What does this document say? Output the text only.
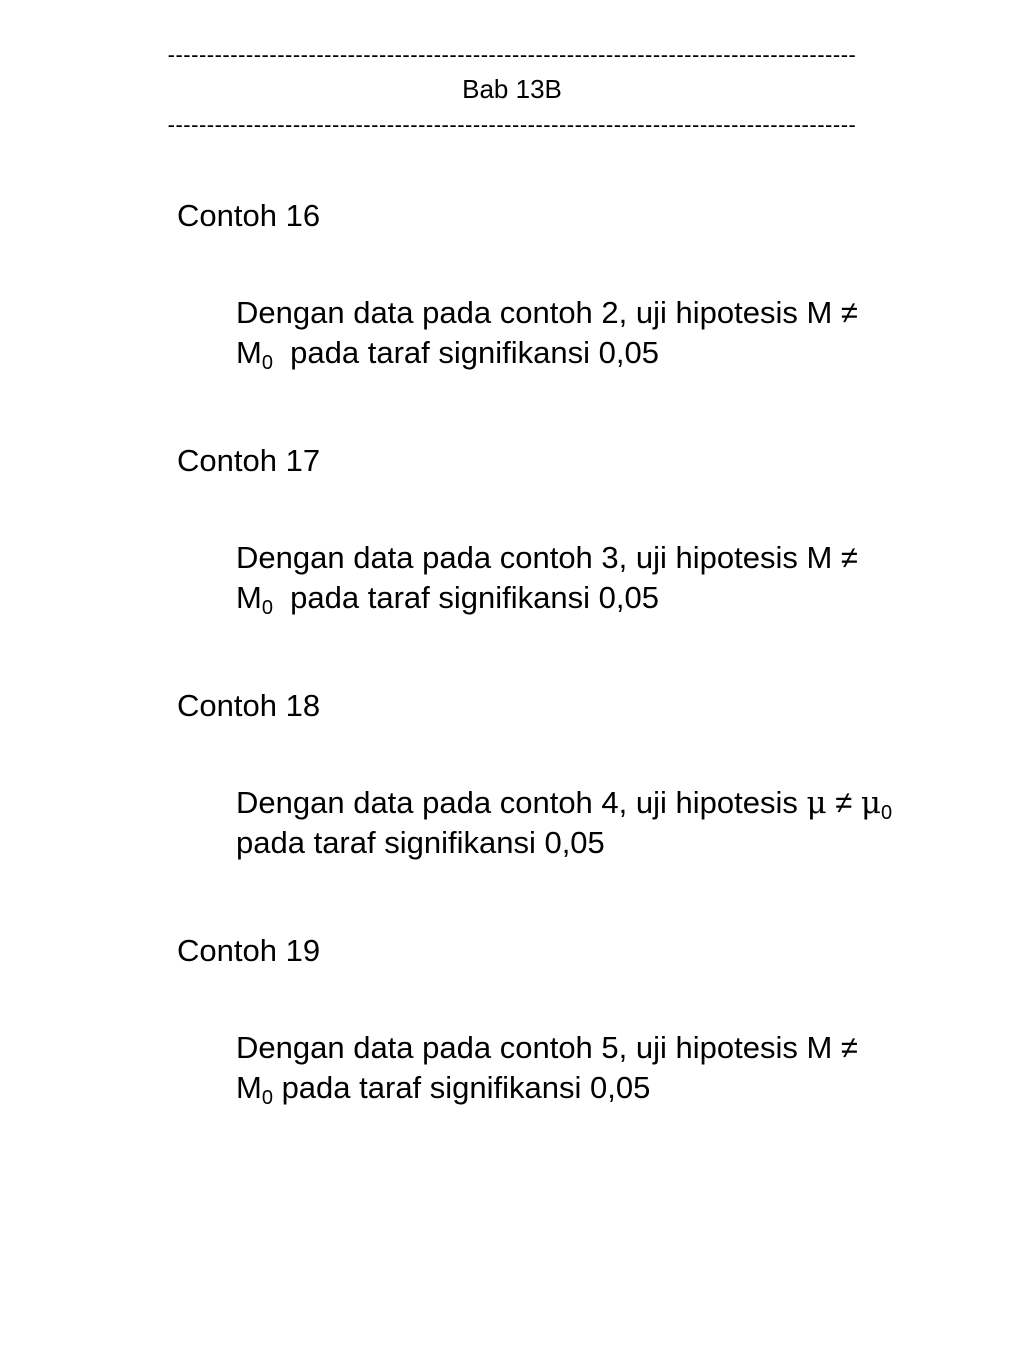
----------------------------------------------------------------------------------------
Bab 13B
----------------------------------------------------------------------------------------

Contoh 16

Dengan data pada contoh 2, uji hipotesis M ≠
$M_0$  pada taraf signifikansi 0,05

Contoh 17

Dengan data pada contoh 3, uji hipotesis M ≠
$M_0$  pada taraf signifikansi 0,05

Contoh 18

Dengan data pada contoh 4, uji hipotesis $\mu \ne \mu_0$
pada taraf signifikansi 0,05

Contoh 19

Dengan data pada contoh 5, uji hipotesis M ≠
$M_0$ pada taraf signifikansi 0,05
